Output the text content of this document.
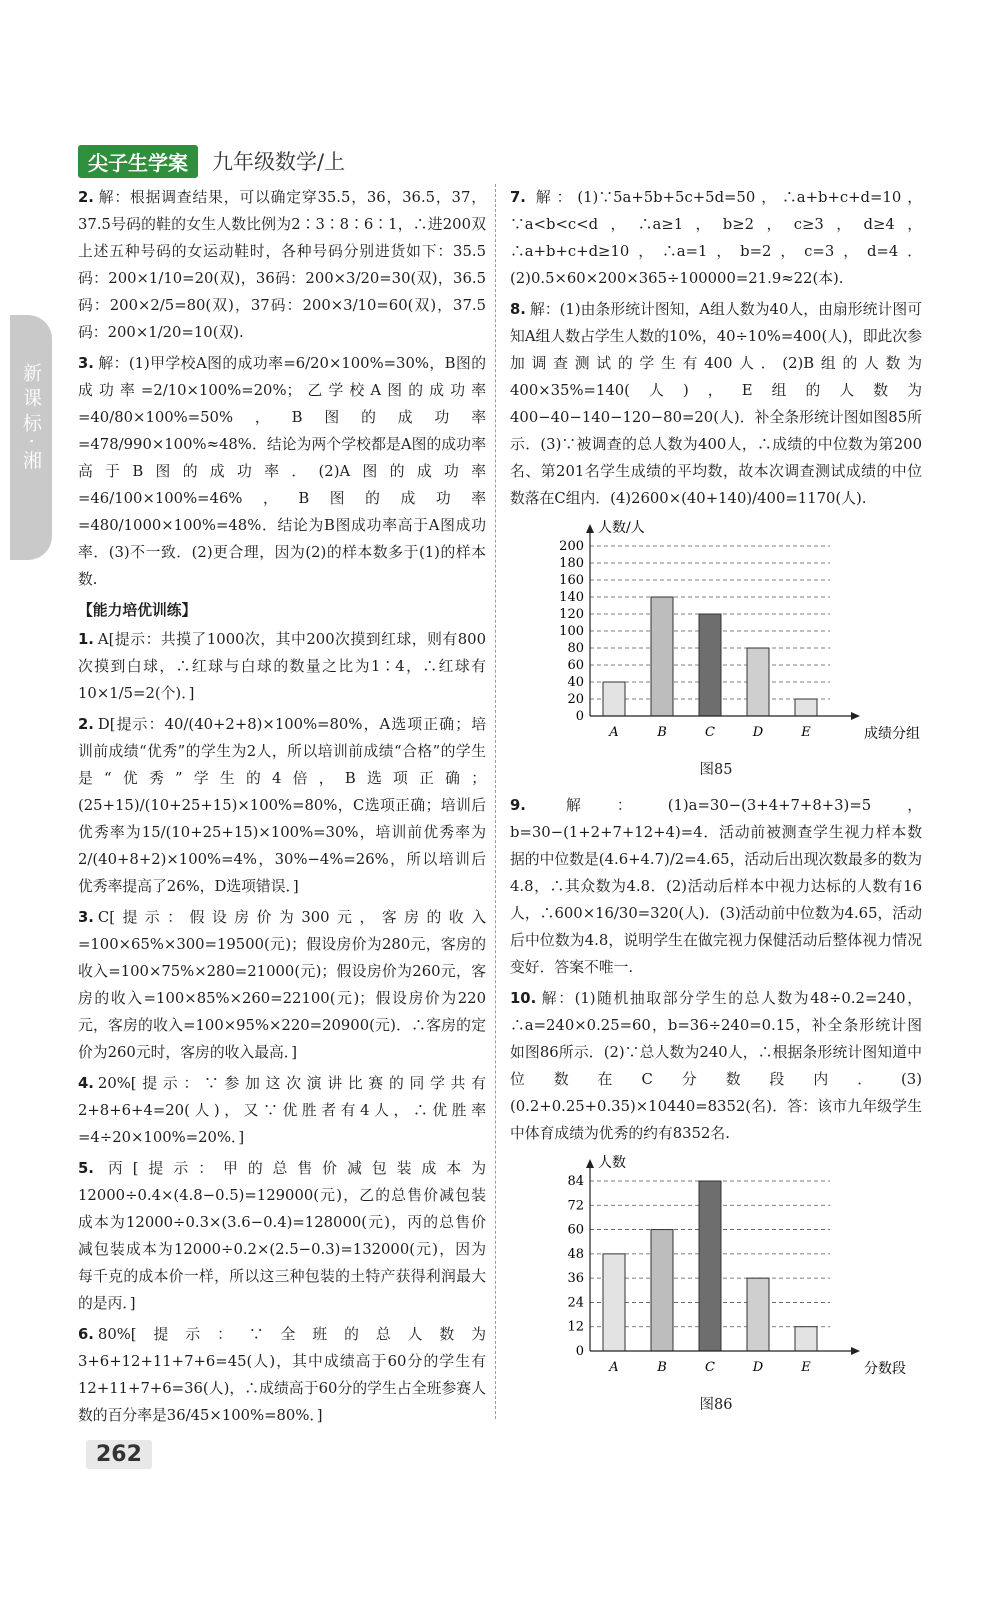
尖子生学案	九年级数学/上
新课标·湘
2. 解：根据调查结果，可以确定穿35.5，36，36.5，37，37.5号码的鞋的女生人数比例为2∶3∶8∶6∶1，∴进200双上述五种号码的女运动鞋时，各种号码分别进货如下：35.5码：200×1/10=20(双)，36码：200×3/20=30(双)，36.5码：200×2/5=80(双)，37码：200×3/10=60(双)，37.5码：200×1/20=10(双).
3. 解：(1)甲学校A图的成功率=6/20×100%=30%，B图的成功率=2/10×100%=20%；乙学校A图的成功率=40/80×100%=50%，B图的成功率=478/990×100%≈48%．结论为两个学校都是A图的成功率高于B图的成功率．(2)A图的成功率=46/100×100%=46%，B图的成功率=480/1000×100%=48%．结论为B图成功率高于A图成功率．(3)不一致．(2)更合理，因为(2)的样本数多于(1)的样本数.
【能力培优训练】
1. A[提示：共摸了1000次，其中200次摸到红球，则有800次摸到白球，∴红球与白球的数量之比为1∶4，∴红球有10×1/5=2(个)．]
2. D[提示：40/(40+2+8)×100%=80%，A选项正确；培训前成绩“优秀”的学生为2人，所以培训前成绩“合格”的学生是“优秀”学生的4倍，B选项正确；(25+15)/(10+25+15)×100%=80%，C选项正确；培训后优秀率为15/(10+25+15)×100%=30%，培训前优秀率为2/(40+8+2)×100%=4%，30%−4%=26%，所以培训后优秀率提高了26%，D选项错误．]
3. C[提示：假设房价为300元，客房的收入=100×65%×300=19500(元)；假设房价为280元，客房的收入=100×75%×280=21000(元)；假设房价为260元，客房的收入=100×85%×260=22100(元)；假设房价为220元，客房的收入=100×95%×220=20900(元)．∴客房的定价为260元时，客房的收入最高．]
4. 20%[提示：∵参加这次演讲比赛的同学共有2+8+6+4=20(人)，又∵优胜者有4人，∴优胜率=4÷20×100%=20%．]
5. 丙[提示：甲的总售价减包装成本为12000÷0.4×(4.8−0.5)=129000(元)，乙的总售价减包装成本为12000÷0.3×(3.6−0.4)=128000(元)，丙的总售价减包装成本为12000÷0.2×(2.5−0.3)=132000(元)，因为每千克的成本价一样，所以这三种包装的土特产获得利润最大的是丙．]
6. 80%[提示：∵全班的总人数为3+6+12+11+7+6=45(人)，其中成绩高于60分的学生有12+11+7+6=36(人)，∴成绩高于60分的学生占全班参赛人数的百分率是36/45×100%=80%．]
7. 解：(1)∵5a+5b+5c+5d=50，∴a+b+c+d=10，∵a<b<c<d，∴a≥1，b≥2，c≥3，d≥4，∴a+b+c+d≥10，∴a=1，b=2，c=3，d=4．(2)0.5×60×200×365÷100000=21.9≈22(本).
8. 解：(1)由条形统计图知，A组人数为40人，由扇形统计图可知A组人数占学生人数的10%，40÷10%=400(人)，即此次参加调查测试的学生有400人．(2)B组的人数为400×35%=140(人)，E组的人数为400−40−140−120−80=20(人)．补全条形统计图如图85所示．(3)∵被调查的总人数为400人，∴成绩的中位数为第200名、第201名学生成绩的平均数，故本次调查测试成绩的中位数落在C组内．(4)2600×(40+140)/400=1170(人).
0
20
40
60
80
100
120
140
160
180
200
A	B	C	D	E
人数/人
成绩分组
图85
9. 解：(1)a=30−(3+4+7+8+3)=5，b=30−(1+2+7+12+4)=4．活动前被测查学生视力样本数据的中位数是(4.6+4.7)/2=4.65，活动后出现次数最多的数为4.8，∴其众数为4.8．(2)活动后样本中视力达标的人数有16人，∴600×16/30=320(人)．(3)活动前中位数为4.65，活动后中位数为4.8，说明学生在做完视力保健活动后整体视力情况变好．答案不唯一.
10. 解：(1)随机抽取部分学生的总人数为48÷0.2=240，∴a=240×0.25=60，b=36÷240=0.15，补全条形统计图如图86所示．(2)∵总人数为240人，∴根据条形统计图知道中位数在C分数段内．(3)(0.2+0.25+0.35)×10440=8352(名)．答：该市九年级学生中体育成绩为优秀的约有8352名.
0
12
24
36
48
60
72
84
A	B	C	D	E
人数
分数段
图86
262
